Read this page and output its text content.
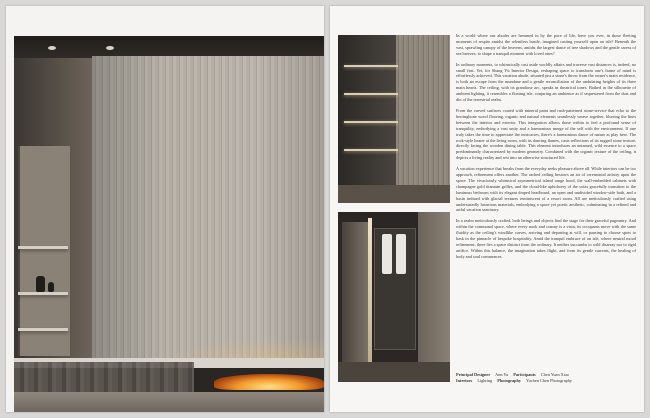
In a world where our abodes are hemmed in by the pace of life, have you ever, in those fleeting moments of respite amidst the relentless bustle, imagined casting yourself upon an isle? Beneath the vast, sprawling canopy of the heavens, amidst the largest dance of tree shadows and the gentle caress of sea breezes, to shape a tranquil moment with loved ones?

In ordinary moments, to whimsically cast aside worldly affairs and traverse vast distances is, indeed, no small feat. Yet, for Shang Yü Interior Design, reshaping space to transform one's frame of mind is effortlessly achieved. This vacation abode, situated just a stone's throw from the owner's main residence, is both an escape from the mundane and a gentle reconciliation of the undulating heights of its three main hearts. The ceiling, with its grandiose arc, speaks in theatrical tones. Bathed in the silhouette of ambient lighting, it resembles a floating isle, conjuring an ambience as if sequestered from the dust and din of the terrestrial realm.

From the curved surfaces coated with mineral paint and rush-patterned stone-service that echo to the herringbone wood flooring, organic and natural elements seamlessly weave together, blurring the lines between the interior and exterior. This integration allows those within to feel a profound sense of tranquility, embodying a vast unity and a harmonious merge of the self with the environment. If one truly takes the time to appreciate the intricacies, there's a harmonious dance of nature at play here. The rock-style heater at the living room, with its dancing flames, casts reflections of its rugged stone texture, directly facing the wooden dining table. This element introduces an untamed, wild essence to a space predominantly characterized by modern geometry. Combined with the organic texture of the ceiling, it depicts a living reality and rest into an otherwise structured life.

A vacation experience that breaks from the everyday seeks pleasure above all. While interiors can be too approach, refinement offers another. The arched ceiling bestows an air of ceremonial artistry upon the space. The vivaciously whimsical asymmetrical island range hood, the wall-embedded cabinets with champagne gold titanium grilles, and the cloud-like upholstery of the sofas gracefully transition to the luminous bedroom with its elegant draped headboard, an open and undivided window-side bath, and a basin imbued with glacial textures reminiscent of a resort room. All are meticulously crafted using understatedly luxurious materials, embodying a space yet poetic aesthetic, culminating in a refined and artful vacation sanctuary.

In a realm meticulously crafted, both beings and objects find the stage for their graceful pageantry. And within the communal space, where every nook and cranny is a vista, its occupants move with the same fluidity as the ceiling's windlike curves, arriving and departing at will, or pausing to choose spots to bask in the pinnacle of bespoke hospitality. Amid the tranquil embrace of an isle, where neutral mood refinement, there lies a space distinct from the ordinary. It neither succumbs to wild disarray nor to rigid artifice. Within this balance, the imagination takes flight, and from its gentle currents, the healing of body and soul commences.

Principal Designer Ann Yu Participants Chen Yuan Xiao
Interiors Lighting Photography Yuchen Chen Photography
